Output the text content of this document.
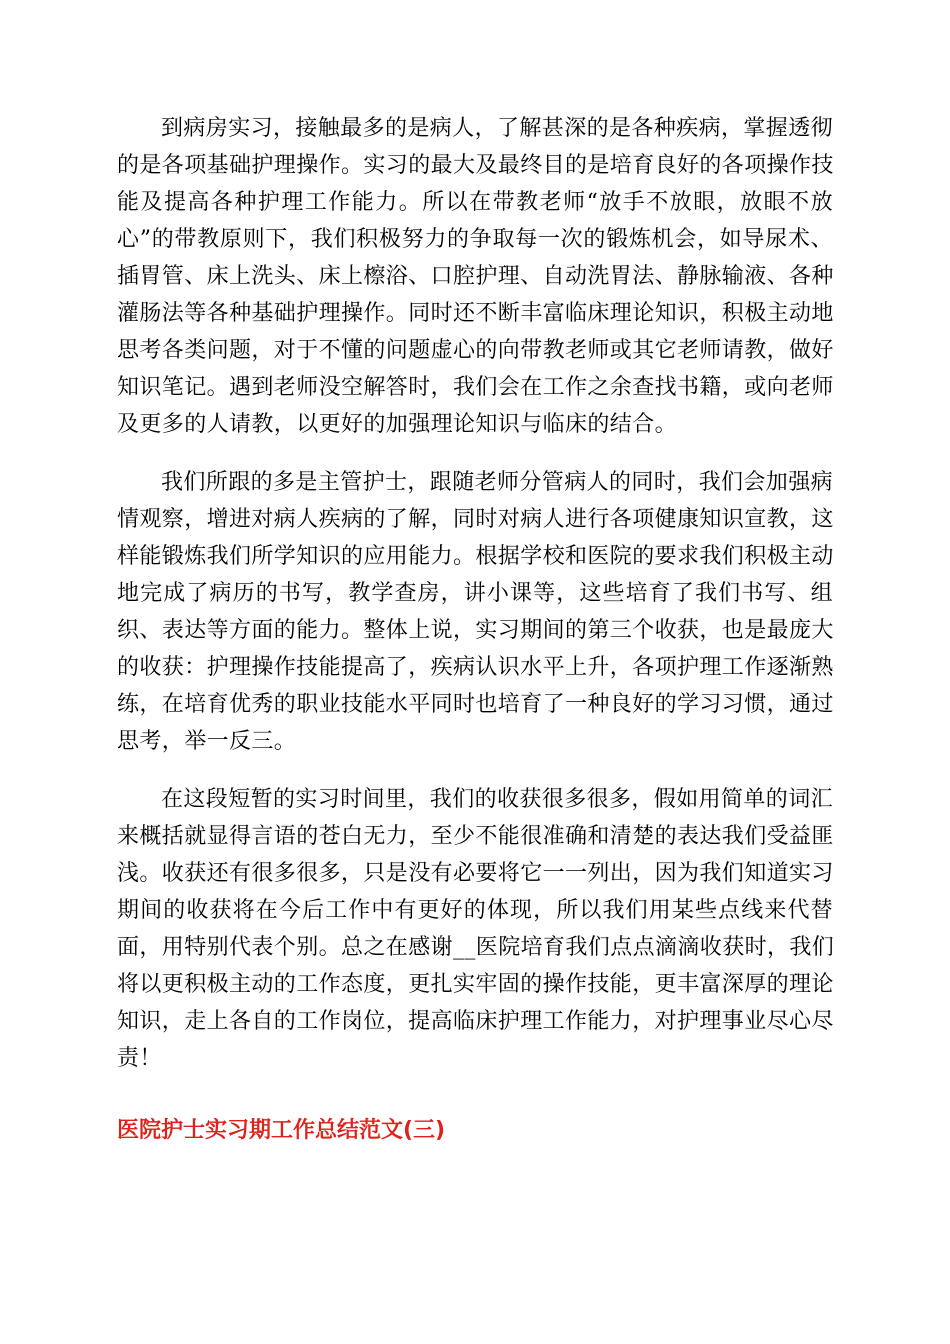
到病房实习，接触最多的是病人，了解甚深的是各种疾病，掌握透彻
的是各项基础护理操作。实习的最大及最终目的是培育良好的各项操作技
能及提高各种护理工作能力。所以在带教老师“放手不放眼，放眼不放
心”的带教原则下，我们积极努力的争取每一次的锻炼机会，如导尿术、
插胃管、床上洗头、床上檫浴、口腔护理、自动洗胃法、静脉输液、各种
灌肠法等各种基础护理操作。同时还不断丰富临床理论知识，积极主动地
思考各类问题，对于不懂的问题虚心的向带教老师或其它老师请教，做好
知识笔记。遇到老师没空解答时，我们会在工作之余查找书籍，或向老师
及更多的人请教，以更好的加强理论知识与临床的结合。

我们所跟的多是主管护士，跟随老师分管病人的同时，我们会加强病
情观察，增进对病人疾病的了解，同时对病人进行各项健康知识宣教，这
样能锻炼我们所学知识的应用能力。根据学校和医院的要求我们积极主动
地完成了病历的书写，教学查房，讲小课等，这些培育了我们书写、组
织、表达等方面的能力。整体上说，实习期间的第三个收获，也是最庞大
的收获：护理操作技能提高了，疾病认识水平上升，各项护理工作逐渐熟
练，在培育优秀的职业技能水平同时也培育了一种良好的学习习惯，通过
思考，举一反三。

在这段短暂的实习时间里，我们的收获很多很多，假如用简单的词汇
来概括就显得言语的苍白无力，至少不能很准确和清楚的表达我们受益匪
浅。收获还有很多很多，只是没有必要将它一一列出，因为我们知道实习
期间的收获将在今后工作中有更好的体现，所以我们用某些点线来代替
面，用特别代表个别。总之在感谢__医院培育我们点点滴滴收获时，我们
将以更积极主动的工作态度，更扎实牢固的操作技能，更丰富深厚的理论
知识，走上各自的工作岗位，提高临床护理工作能力，对护理事业尽心尽
责！

医院护士实习期工作总结范文(三)
